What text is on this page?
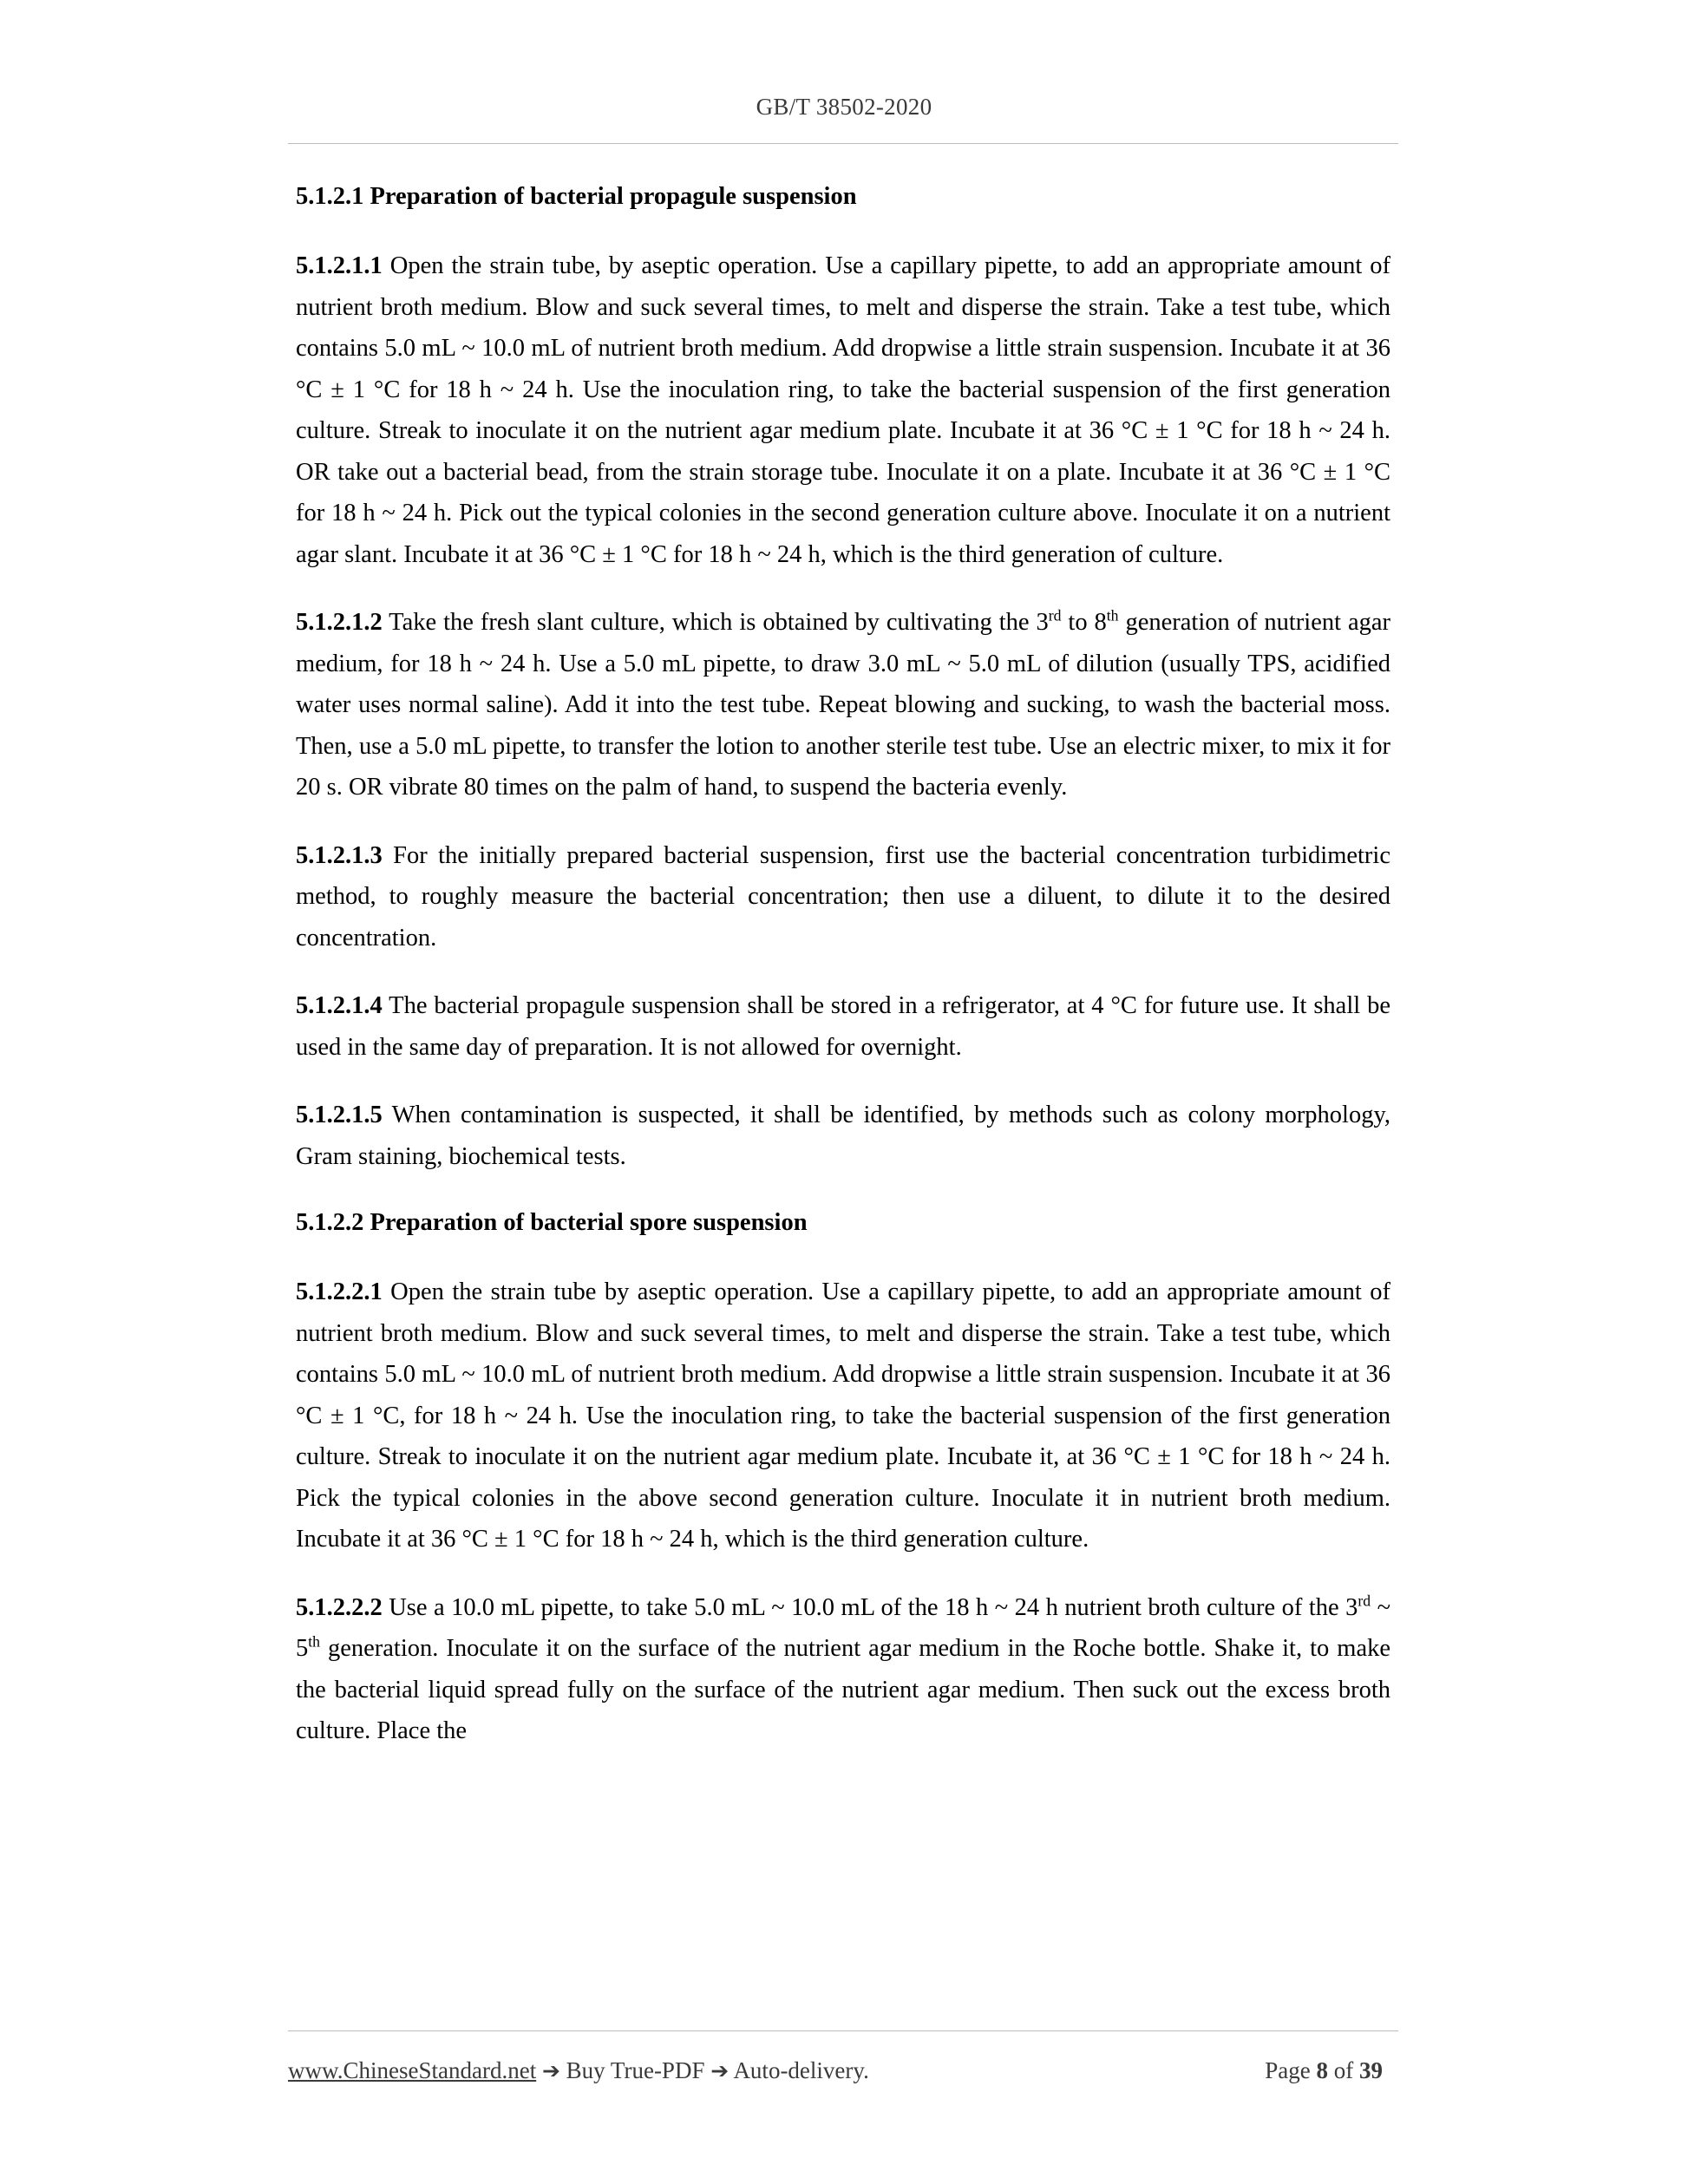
GB/T 38502-2020
5.1.2.1 Preparation of bacterial propagule suspension

5.1.2.1.1 Open the strain tube, by aseptic operation. Use a capillary pipette, to add an appropriate amount of nutrient broth medium. Blow and suck several times, to melt and disperse the strain. Take a test tube, which contains 5.0 mL ~ 10.0 mL of nutrient broth medium. Add dropwise a little strain suspension. Incubate it at 36 °C ± 1 °C for 18 h ~ 24 h. Use the inoculation ring, to take the bacterial suspension of the first generation culture. Streak to inoculate it on the nutrient agar medium plate. Incubate it at 36 °C ± 1 °C for 18 h ~ 24 h. OR take out a bacterial bead, from the strain storage tube. Inoculate it on a plate. Incubate it at 36 °C ± 1 °C for 18 h ~ 24 h. Pick out the typical colonies in the second generation culture above. Inoculate it on a nutrient agar slant. Incubate it at 36 °C ± 1 °C for 18 h ~ 24 h, which is the third generation of culture.

5.1.2.1.2 Take the fresh slant culture, which is obtained by cultivating the 3rd to 8th generation of nutrient agar medium, for 18 h ~ 24 h. Use a 5.0 mL pipette, to draw 3.0 mL ~ 5.0 mL of dilution (usually TPS, acidified water uses normal saline). Add it into the test tube. Repeat blowing and sucking, to wash the bacterial moss. Then, use a 5.0 mL pipette, to transfer the lotion to another sterile test tube. Use an electric mixer, to mix it for 20 s. OR vibrate 80 times on the palm of hand, to suspend the bacteria evenly.

5.1.2.1.3 For the initially prepared bacterial suspension, first use the bacterial concentration turbidimetric method, to roughly measure the bacterial concentration; then use a diluent, to dilute it to the desired concentration.

5.1.2.1.4 The bacterial propagule suspension shall be stored in a refrigerator, at 4 °C for future use. It shall be used in the same day of preparation. It is not allowed for overnight.

5.1.2.1.5 When contamination is suspected, it shall be identified, by methods such as colony morphology, Gram staining, biochemical tests.

5.1.2.2 Preparation of bacterial spore suspension

5.1.2.2.1 Open the strain tube by aseptic operation. Use a capillary pipette, to add an appropriate amount of nutrient broth medium. Blow and suck several times, to melt and disperse the strain. Take a test tube, which contains 5.0 mL ~ 10.0 mL of nutrient broth medium. Add dropwise a little strain suspension. Incubate it at 36 °C ± 1 °C, for 18 h ~ 24 h. Use the inoculation ring, to take the bacterial suspension of the first generation culture. Streak to inoculate it on the nutrient agar medium plate. Incubate it, at 36 °C ± 1 °C for 18 h ~ 24 h. Pick the typical colonies in the above second generation culture. Inoculate it in nutrient broth medium. Incubate it at 36 °C ± 1 °C for 18 h ~ 24 h, which is the third generation culture.

5.1.2.2.2 Use a 10.0 mL pipette, to take 5.0 mL ~ 10.0 mL of the 18 h ~ 24 h nutrient broth culture of the 3rd ~ 5th generation. Inoculate it on the surface of the nutrient agar medium in the Roche bottle. Shake it, to make the bacterial liquid spread fully on the surface of the nutrient agar medium. Then suck out the excess broth culture. Place the

www.ChineseStandard.net ➔ Buy True-PDF ➔ Auto-delivery.	Page 8 of 39
